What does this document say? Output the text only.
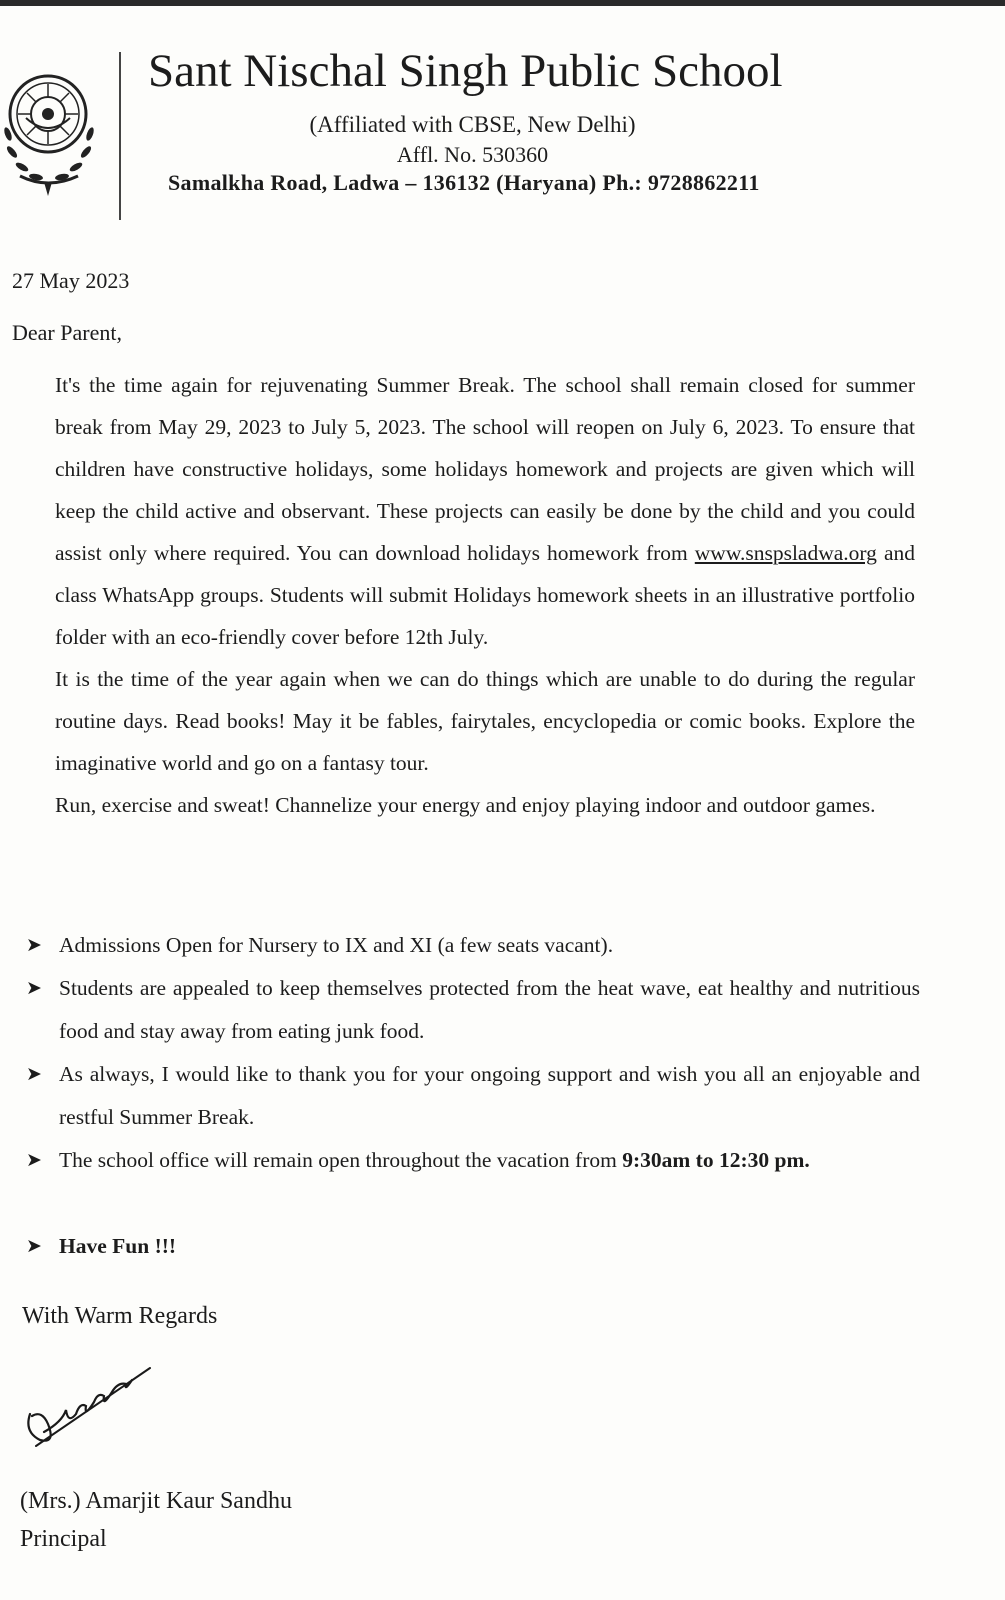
Sant Nischal Singh Public School
(Affiliated with CBSE, New Delhi)
Affl. No. 530360
Samalkha Road, Ladwa – 136132 (Haryana) Ph.: 9728862211
27 May 2023
Dear Parent,

It's the time again for rejuvenating Summer Break. The school shall remain closed for summer break from May 29, 2023 to July 5, 2023. The school will reopen on July 6, 2023. To ensure that children have constructive holidays, some holidays homework and projects are given which will keep the child active and observant. These projects can easily be done by the child and you could assist only where required. You can download holidays homework from www.snspsladwa.org and class WhatsApp groups. Students will submit Holidays homework sheets in an illustrative portfolio folder with an eco-friendly cover before 12th July.

It is the time of the year again when we can do things which are unable to do during the regular routine days. Read books! May it be fables, fairytales, encyclopedia or comic books. Explore the imaginative world and go on a fantasy tour.

Run, exercise and sweat! Channelize your energy and enjoy playing indoor and outdoor games.

➤ Admissions Open for Nursery to IX and XI (a few seats vacant).
➤ Students are appealed to keep themselves protected from the heat wave, eat healthy and nutritious food and stay away from eating junk food.
➤ As always, I would like to thank you for your ongoing support and wish you all an enjoyable and restful Summer Break.
➤ The school office will remain open throughout the vacation from 9:30am to 12:30 pm.
➤ Have Fun !!!
With Warm Regards
(Mrs.) Amarjit Kaur Sandhu
Principal
